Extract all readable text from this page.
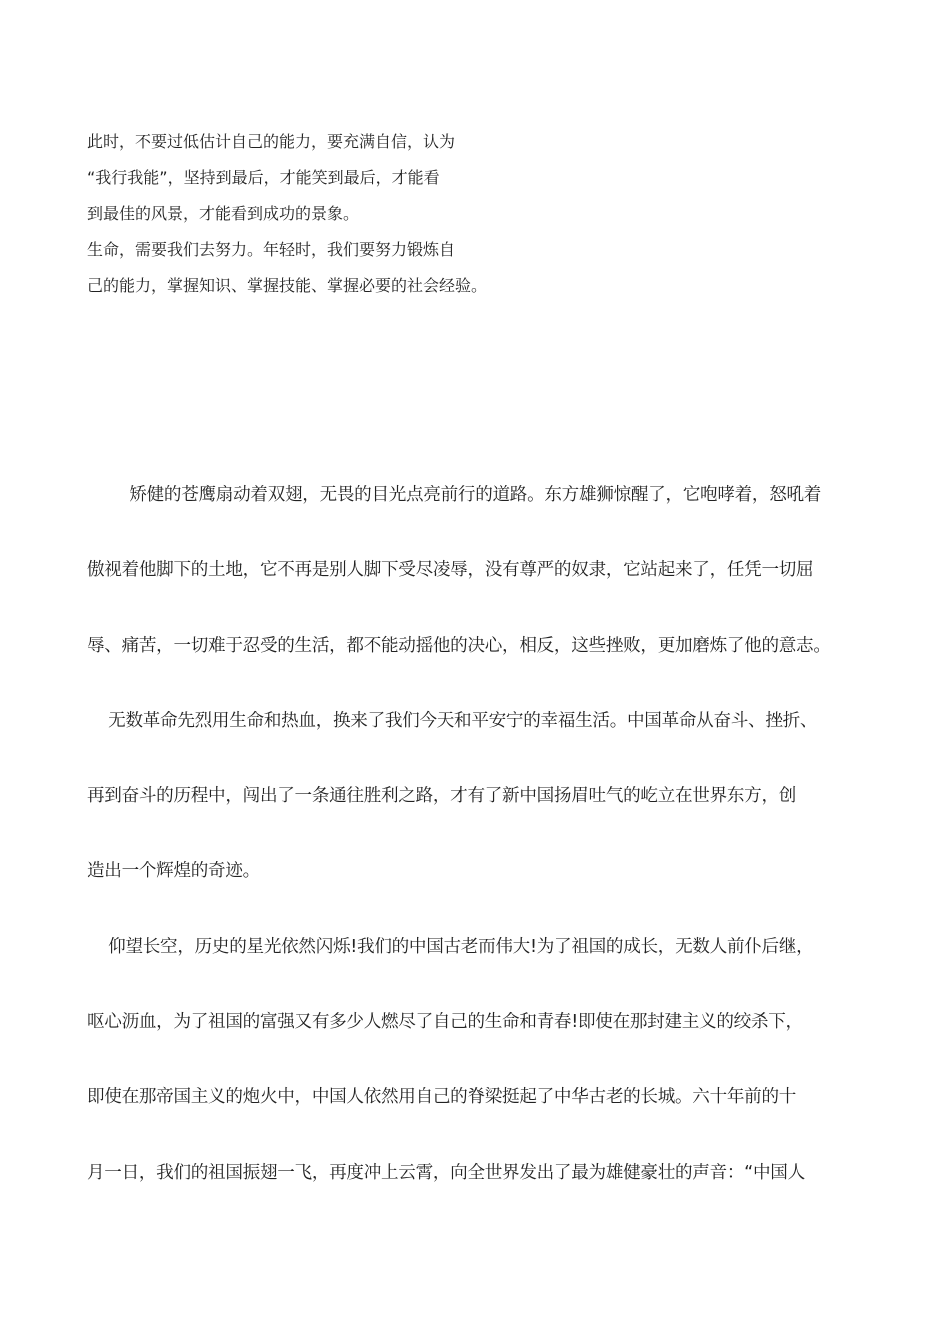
此时，不要过低估计自己的能力，要充满自信，认为
“我行我能”，坚持到最后，才能笑到最后，才能看
到最佳的风景，才能看到成功的景象。
生命，需要我们去努力。年轻时，我们要努力锻炼自
己的能力，掌握知识、掌握技能、掌握必要的社会经验。
矫健的苍鹰扇动着双翅，无畏的目光点亮前行的道路。东方雄狮惊醒了，它咆哮着，怒吼着
傲视着他脚下的土地，它不再是别人脚下受尽凌辱，没有尊严的奴隶，它站起来了，任凭一切屈
辱、痛苦，一切难于忍受的生活，都不能动摇他的决心，相反，这些挫败，更加磨炼了他的意志。
无数革命先烈用生命和热血，换来了我们今天和平安宁的幸福生活。中国革命从奋斗、挫折、
再到奋斗的历程中，闯出了一条通往胜利之路，才有了新中国扬眉吐气的屹立在世界东方，创
造出一个辉煌的奇迹。
仰望长空，历史的星光依然闪烁!我们的中国古老而伟大!为了祖国的成长，无数人前仆后继，
呕心沥血，为了祖国的富强又有多少人燃尽了自己的生命和青春!即使在那封建主义的绞杀下，
即使在那帝国主义的炮火中，中国人依然用自己的脊梁挺起了中华古老的长城。六十年前的十
月一日，我们的祖国振翅一飞，再度冲上云霄，向全世界发出了最为雄健豪壮的声音：“中国人
